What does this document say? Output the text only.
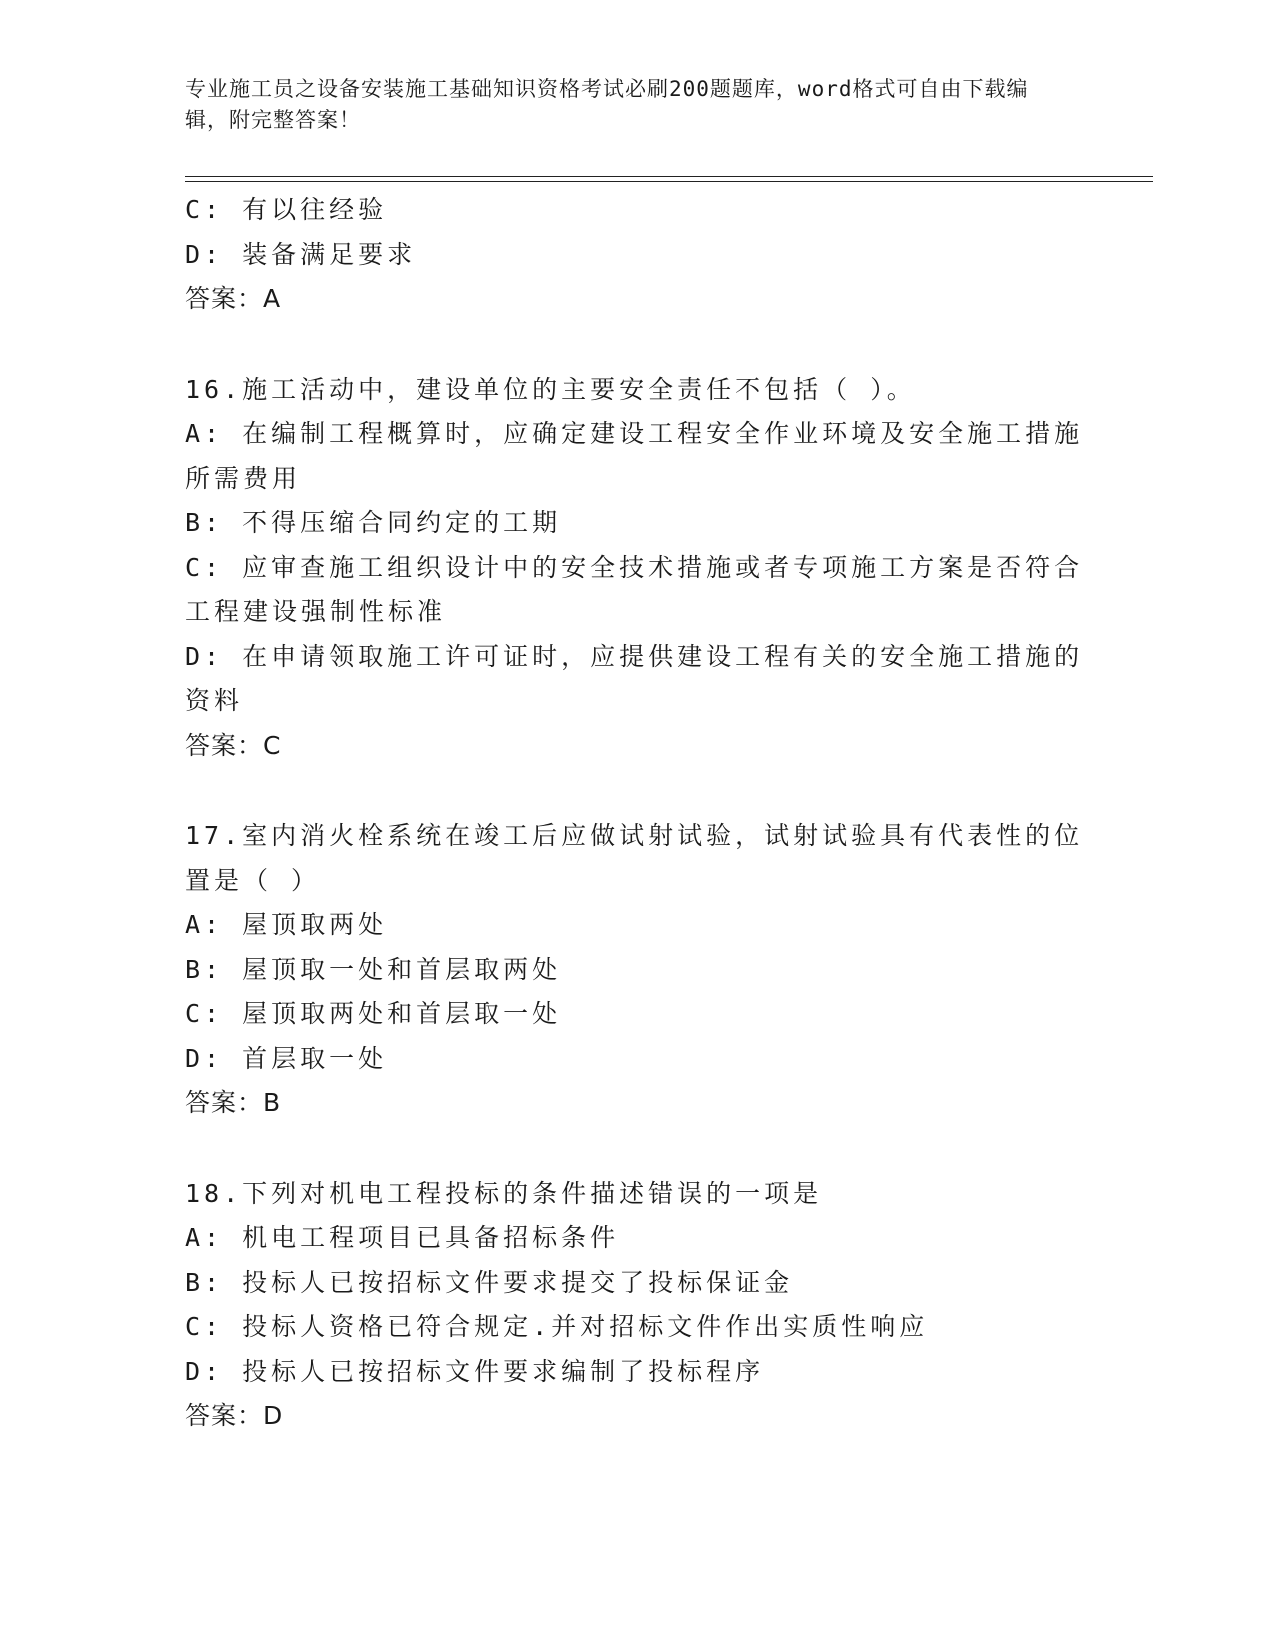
专业施工员之设备安装施工基础知识资格考试必刷200题题库，word格式可自由下载编辑，附完整答案！
C: 有以往经验
D: 装备满足要求
答案：A
16.施工活动中，建设单位的主要安全责任不包括（ ）。
A: 在编制工程概算时，应确定建设工程安全作业环境及安全施工措施所需费用
B: 不得压缩合同约定的工期
C: 应审查施工组织设计中的安全技术措施或者专项施工方案是否符合工程建设强制性标准
D: 在申请领取施工许可证时，应提供建设工程有关的安全施工措施的资料
答案：C
17.室内消火栓系统在竣工后应做试射试验，试射试验具有代表性的位置是（ ）
A: 屋顶取两处
B: 屋顶取一处和首层取两处
C: 屋顶取两处和首层取一处
D: 首层取一处
答案：B
18.下列对机电工程投标的条件描述错误的一项是
A: 机电工程项目已具备招标条件
B: 投标人已按招标文件要求提交了投标保证金
C: 投标人资格已符合规定.并对招标文件作出实质性响应
D: 投标人已按招标文件要求编制了投标程序
答案：D
